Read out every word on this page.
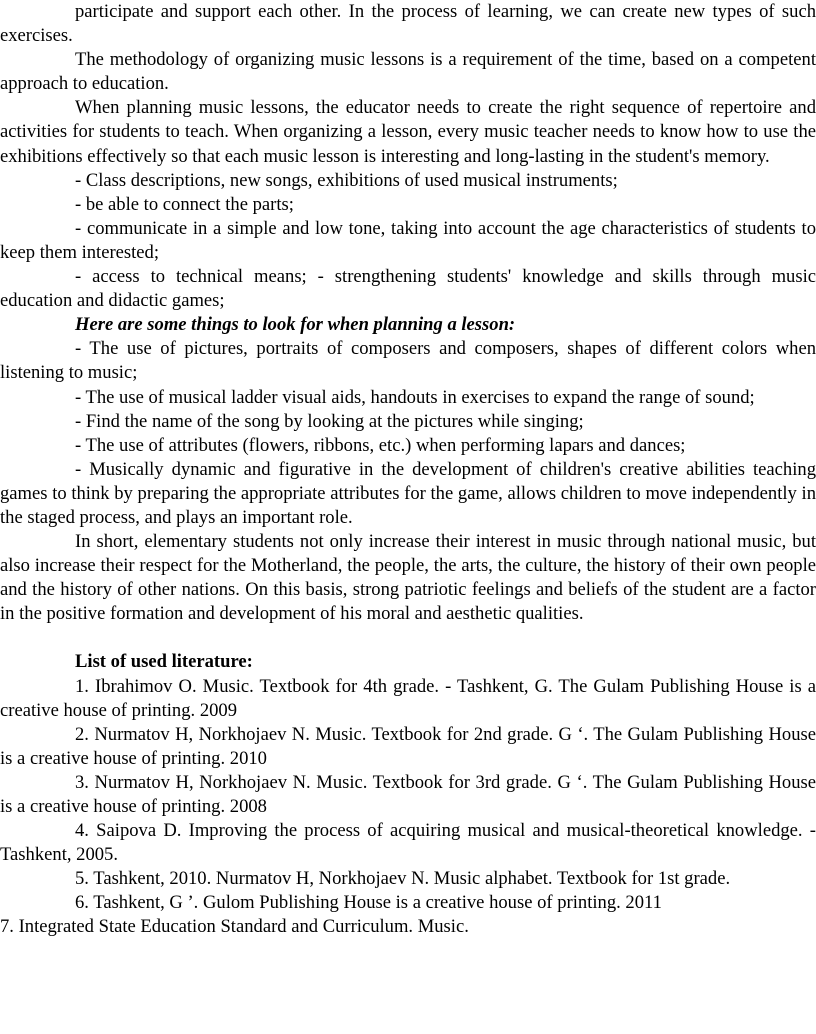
participate and support each other. In the process of learning, we can create new types of such exercises.

The methodology of organizing music lessons is a requirement of the time, based on a competent approach to education.

When planning music lessons, the educator needs to create the right sequence of repertoire and activities for students to teach. When organizing a lesson, every music teacher needs to know how to use the exhibitions effectively so that each music lesson is interesting and long-lasting in the student's memory.

- Class descriptions, new songs, exhibitions of used musical instruments;

- be able to connect the parts;

- communicate in a simple and low tone, taking into account the age characteristics of students to keep them interested;

- access to technical means; - strengthening students' knowledge and skills through music education and didactic games;

Here are some things to look for when planning a lesson:

- The use of pictures, portraits of composers and composers, shapes of different colors when listening to music;

- The use of musical ladder visual aids, handouts in exercises to expand the range of sound;

- Find the name of the song by looking at the pictures while singing;

- The use of attributes (flowers, ribbons, etc.) when performing lapars and dances;

- Musically dynamic and figurative in the development of children's creative abilities teaching games to think by preparing the appropriate attributes for the game, allows children to move independently in the staged process, and plays an important role.

In short, elementary students not only increase their interest in music through national music, but also increase their respect for the Motherland, the people, the arts, the culture, the history of their own people and the history of other nations. On this basis, strong patriotic feelings and beliefs of the student are a factor in the positive formation and development of his moral and aesthetic qualities.

List of used literature:

1. Ibrahimov O. Music. Textbook for 4th grade. - Tashkent, G. The Gulam Publishing House is a creative house of printing. 2009

2. Nurmatov H, Norkhojaev N. Music. Textbook for 2nd grade. G ‘. The Gulam Publishing House is a creative house of printing. 2010

3. Nurmatov H, Norkhojaev N. Music. Textbook for 3rd grade. G ‘. The Gulam Publishing House is a creative house of printing. 2008

4. Saipova D. Improving the process of acquiring musical and musical-theoretical knowledge. - Tashkent, 2005.

5. Tashkent, 2010. Nurmatov H, Norkhojaev N. Music alphabet. Textbook for 1st grade.

6. Tashkent, G ’. Gulom Publishing House is a creative house of printing. 2011

7. Integrated State Education Standard and Curriculum. Music.
